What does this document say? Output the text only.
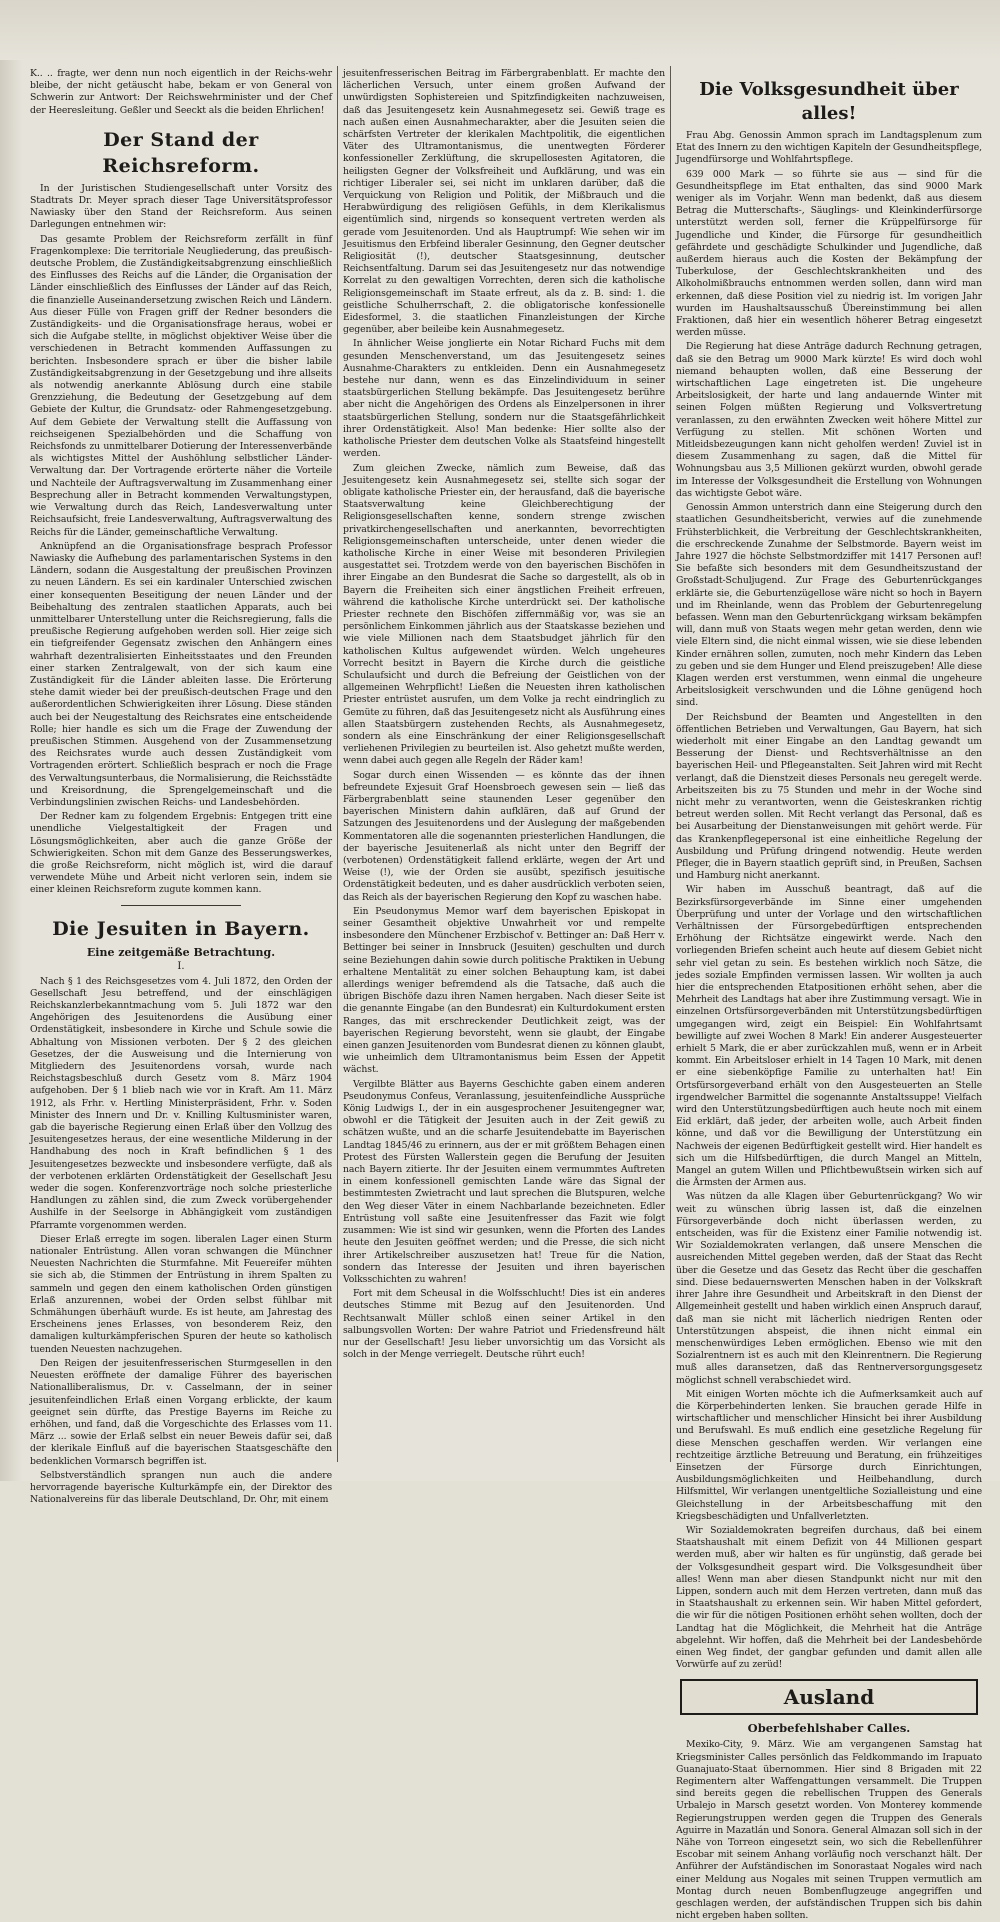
K.. .. fragte, wer denn nun noch eigentlich in der Reichs-wehr bleibe, der nicht getäuscht habe, bekam er von General von Schwerin zur Antwort: Der Reichswehrminister und der Chef der Heeresleitung. Geßler und Seeckt als die beiden Ehrlichen!

Der Stand der Reichsreform.

In der Juristischen Studiengesellschaft unter Vorsitz des Stadtrats Dr. Meyer sprach dieser Tage Universitätsprofessor Nawiasky über den Stand der Reichsreform. Aus seinen Darlegungen entnehmen wir:

Das gesamte Problem der Reichsreform zerfällt in fünf Fragenkomplexe: Die territoriale Neugliederung, das preußisch-deutsche Problem, die Zuständigkeitsabgrenzung einschließlich des Einflusses des Reichs auf die Länder, die Organisation der Länder einschließlich des Einflusses der Länder auf das Reich, die finanzielle Auseinandersetzung zwischen Reich und Ländern. Aus dieser Fülle von Fragen griff der Redner besonders die Zuständigkeits- und die Organisationsfrage heraus, wobei er sich die Aufgabe stellte, in möglichst objektiver Weise über die verschiedenen in Betracht kommenden Auffassungen zu berichten. Insbesondere sprach er über die bisher labile Zuständigkeitsabgrenzung in der Gesetzgebung und ihre allseits als notwendig anerkannte Ablösung durch eine stabile Grenzziehung, die Bedeutung der Gesetzgebung auf dem Gebiete der Kultur, die Grundsatz- oder Rahmengesetzgebung. Auf dem Gebiete der Verwaltung stellt die Auffassung von reichseigenen Spezialbehörden und die Schaffung von Reichsfonds zu unmittelbarer Dotierung der Interessenverbände als wichtigstes Mittel der Aushöhlung selbstlicher Länder-Verwaltung dar. Der Vortragende erörterte näher die Vorteile und Nachteile der Auftragsverwaltung im Zusammenhang einer Besprechung aller in Betracht kommenden Verwaltungstypen, wie Verwaltung durch das Reich, Landesverwaltung unter Reichsaufsicht, freie Landesverwaltung, Auftragsverwaltung des Reichs für die Länder, gemeinschaftliche Verwaltung.

Anknüpfend an die Organisationsfrage besprach Professor Nawiasky die Aufhebung des parlamentarischen Systems in den Ländern, sodann die Ausgestaltung der preußischen Provinzen zu neuen Ländern. Es sei ein kardinaler Unterschied zwischen einer konsequenten Beseitigung der neuen Länder und der Beibehaltung des zentralen staatlichen Apparats, auch bei unmittelbarer Unterstellung unter die Reichsregierung, falls die preußische Regierung aufgehoben werden soll. Hier zeige sich ein tiefgreifender Gegensatz zwischen den Anhängern eines wahrhaft dezentralisierten Einheitsstaates und den Freunden einer starken Zentralgewalt, von der sich kaum eine Zuständigkeit für die Länder ableiten lasse. Die Erörterung stehe damit wieder bei der preußisch-deutschen Frage und den außerordentlichen Schwierigkeiten ihrer Lösung. Diese ständen auch bei der Neugestaltung des Reichsrates eine entscheidende Rolle; hier handle es sich um die Frage der Zuwendung der preußischen Stimmen. Ausgehend von der Zusammensetzung des Reichsrates wurde auch dessen Zuständigkeit vom Vortragenden erörtert. Schließlich besprach er noch die Frage des Verwaltungsunterbaus, die Normalisierung, die Reichsstädte und Kreisordnung, die Sprengelgemeinschaft und die Verbindungslinien zwischen Reichs- und Landesbehörden.

Der Redner kam zu folgendem Ergebnis: Entgegen tritt eine unendliche Vielgestaltigkeit der Fragen und Lösungsmöglichkeiten, aber auch die ganze Größe der Schwierigkeiten. Schon mit dem Ganze des Besserungswerkes, die große Reichsreform, nicht möglich ist, wird die darauf verwendete Mühe und Arbeit nicht verloren sein, indem sie einer kleinen Reichsreform zugute kommen kann.

Die Jesuiten in Bayern.
Eine zeitgemäße Betrachtung.
I.

Nach § 1 des Reichsgesetzes vom 4. Juli 1872, den Orden der Gesellschaft Jesu betreffend, und der einschlägigen Reichskanzlerbekanntmachung vom 5. Juli 1872 war den Angehörigen des Jesuitenordens die Ausübung einer Ordenstätigkeit, insbesondere in Kirche und Schule sowie die Abhaltung von Missionen verboten. Der § 2 des gleichen Gesetzes, der die Ausweisung und die Internierung von Mitgliedern des Jesuitenordens vorsah, wurde nach Reichstagsbeschluß durch Gesetz vom 8. März 1904 aufgehoben. Der § 1 blieb nach wie vor in Kraft. Am 11. März 1912, als Frhr. v. Hertling Ministerpräsident, Frhr. v. Soden Minister des Innern und Dr. v. Knilling Kultusminister waren, gab die bayerische Regierung einen Erlaß über den Vollzug des Jesuitengesetzes heraus, der eine wesentliche Milderung in der Handhabung des noch in Kraft befindlichen § 1 des Jesuitengesetzes bezweckte und insbesondere verfügte, daß als der verbotenen erklärten Ordenstätigkeit der Gesellschaft Jesu weder die sogen. Konferenzvorträge noch solche priesterliche Handlungen zu zählen sind, die zum Zweck vorübergehender Aushilfe in der Seelsorge in Abhängigkeit vom zuständigen Pfarramte vorgenommen werden.

Dieser Erlaß erregte im sogen. liberalen Lager einen Sturm nationaler Entrüstung. Allen voran schwangen die Münchner Neuesten Nachrichten die Sturmfahne. Mit Feuereifer mühten sie sich ab, die Stimmen der Entrüstung in ihrem Spalten zu sammeln und gegen den einem katholischen Orden günstigen Erlaß anzurennen, wobei der Orden selbst fühlbar mit Schmähungen überhäuft wurde. Es ist heute, am Jahrestag des Erscheinens jenes Erlasses, von besonderem Reiz, den damaligen kulturkämpferischen Spuren der heute so katholisch tuenden Neuesten nachzugehen.

Den Reigen der jesuitenfresserischen Sturmgesellen in den Neuesten eröffnete der damalige Führer des bayerischen Nationalliberalismus, Dr. v. Casselmann, der in seiner jesuitenfeindlichen Erlaß einen Vorgang erblickte, der kaum geeignet sein dürfte, das Prestige Bayerns im Reiche zu erhöhen, und fand, daß die Vorgeschichte des Erlasses vom 11. März ... sowie der Erlaß selbst ein neuer Beweis dafür sei, daß der klerikale Einfluß auf die bayerischen Staatsgeschäfte den bedenklichen Vormarsch begriffen ist.

Selbstverständlich sprangen nun auch die andere hervorragende bayerische Kulturkämpfe ein, der Direktor des Nationalvereins für das liberale Deutschland, Dr. Ohr, mit einem

jesuitenfresserischen Beitrag im Färbergrabenblatt. Er machte den lächerlichen Versuch, unter einem großen Aufwand der unwürdigsten Sophistereien und Spitzfindigkeiten nachzuweisen, daß das Jesuitengesetz kein Ausnahmegesetz sei. Gewiß trage es nach außen einen Ausnahmecharakter, aber die Jesuiten seien die schärfsten Vertreter der klerikalen Machtpolitik, die eigentlichen Väter des Ultramontanismus, die unentwegten Förderer konfessioneller Zerklüftung, die skrupellosesten Agitatoren, die heiligsten Gegner der Volksfreiheit und Aufklärung, und was ein richtiger Liberaler sei, sei nicht im unklaren darüber, daß die Verquickung von Religion und Politik, der Mißbrauch und die Herabwürdigung des religiösen Gefühls, in dem Klerikalismus eigentümlich sind, nirgends so konsequent vertreten werden als gerade vom Jesuitenorden. Und als Hauptrumpf: Wie sehen wir im Jesuitismus den Erbfeind liberaler Gesinnung, den Gegner deutscher Religiosität (!), deutscher Staatsgesinnung, deutscher Reichsentfaltung. Darum sei das Jesuitengesetz nur das notwendige Korrelat zu den gewaltigen Vorrechten, deren sich die katholische Religionsgemeinschaft im Staate erfreut, als da z. B. sind: 1. die geistliche Schulherrschaft, 2. die obligatorische konfessionelle Eidesformel, 3. die staatlichen Finanzleistungen der Kirche gegenüber, aber beileibe kein Ausnahmegesetz.

In ähnlicher Weise jonglierte ein Notar Richard Fuchs mit dem gesunden Menschenverstand, um das Jesuitengesetz seines Ausnahme-Charakters zu entkleiden. Denn ein Ausnahmegesetz bestehe nur dann, wenn es das Einzelindividuum in seiner staatsbürgerlichen Stellung bekämpfe. Das Jesuitengesetz berühre aber nicht die Angehörigen des Ordens als Einzelpersonen in ihrer staatsbürgerlichen Stellung, sondern nur die Staatsgefährlichkeit ihrer Ordenstätigkeit. Also! Man bedenke: Hier sollte also der katholische Priester dem deutschen Volke als Staatsfeind hingestellt werden.

Zum gleichen Zwecke, nämlich zum Beweise, daß das Jesuitengesetz kein Ausnahmegesetz sei, stellte sich sogar der obligate katholische Priester ein, der herausfand, daß die bayerische Staatsverwaltung keine Gleichberechtigung der Religionsgesellschaften kenne, sondern strenge zwischen privatkirchengesellschaften und anerkannten, bevorrechtigten Religionsgemeinschaften unterscheide, unter denen wieder die katholische Kirche in einer Weise mit besonderen Privilegien ausgestattet sei. Trotzdem werde von den bayerischen Bischöfen in ihrer Eingabe an den Bundesrat die Sache so dargestellt, als ob in Bayern die Freiheiten sich einer ängstlichen Freiheit erfreuen, während die katholische Kirche unterdrückt sei. Der katholische Priester rechnete den Bischöfen ziffernmäßig vor, was sie an persönlichem Einkommen jährlich aus der Staatskasse beziehen und wie viele Millionen nach dem Staatsbudget jährlich für den katholischen Kultus aufgewendet würden. Welch ungeheures Vorrecht besitzt in Bayern die Kirche durch die geistliche Schulaufsicht und durch die Befreiung der Geistlichen von der allgemeinen Wehrpflicht! Ließen die Neuesten ihren katholischen Priester entrüstet ausrufen, um dem Volke ja recht eindringlich zu Gemüte zu führen, daß das Jesuitengesetz nicht als Ausführung eines allen Staatsbürgern zustehenden Rechts, als Ausnahmegesetz, sondern als eine Einschränkung der einer Religionsgesellschaft verliehenen Privilegien zu beurteilen ist. Also gehetzt mußte werden, wenn dabei auch gegen alle Regeln der Räder kam!

Sogar durch einen Wissenden — es könnte das der ihnen befreundete Exjesuit Graf Hoensbroech gewesen sein — ließ das Färbergrabenblatt seine staunenden Leser gegenüber den bayerischen Ministern dahin aufklären, daß auf Grund der Satzungen des Jesuitenordens und der Auslegung der maßgebenden Kommentatoren alle die sogenannten priesterlichen Handlungen, die der bayerische Jesuitenerlaß als nicht unter den Begriff der (verbotenen) Ordenstätigkeit fallend erklärte, wegen der Art und Weise (!), wie der Orden sie ausübt, spezifisch jesuitische Ordenstätigkeit bedeuten, und es daher ausdrücklich verboten seien, das Reich als der bayerischen Regierung den Kopf zu waschen habe.

Ein Pseudonymus Memor warf dem bayerischen Episkopat in seiner Gesamtheit objektive Unwahrheit vor und rempelte insbesondere den Münchener Erzbischof v. Bettinger an: Daß Herr v. Bettinger bei seiner in Innsbruck (Jesuiten) geschulten und durch seine Beziehungen dahin sowie durch politische Praktiken in Uebung erhaltene Mentalität zu einer solchen Behauptung kam, ist dabei allerdings weniger befremdend als die Tatsache, daß auch die übrigen Bischöfe dazu ihren Namen hergaben. Nach dieser Seite ist die genannte Eingabe (an den Bundesrat) ein Kulturdokument ersten Ranges, das mit erschreckender Deutlichkeit zeigt, was der bayerischen Regierung bevorsteht, wenn sie glaubt, der Eingabe einen ganzen Jesuitenorden vom Bundesrat dienen zu können glaubt, wie unheimlich dem Ultramontanismus beim Essen der Appetit wächst.

Vergilbte Blätter aus Bayerns Geschichte gaben einem anderen Pseudonymus Confeus, Veranlassung, jesuitenfeindliche Aussprüche König Ludwigs I., der in ein ausgesprochener Jesuitengegner war, obwohl er die Tätigkeit der Jesuiten auch in der Zeit gewiß zu schätzen wußte, und an die scharfe Jesuitendebatte im Bayerischen Landtag 1845/46 zu erinnern, aus der er mit größtem Behagen einen Protest des Fürsten Wallerstein gegen die Berufung der Jesuiten nach Bayern zitierte. Ihr der Jesuiten einem vermummtes Auftreten in einem konfessionell gemischten Lande wäre das Signal der bestimmtesten Zwietracht und laut sprechen die Blutspuren, welche den Weg dieser Väter in einem Nachbarlande bezeichneten. Edler Entrüstung voll saßte eine Jesuitenfresser das Fazit wie folgt zusammen: Wie ist sind wir gesunken, wenn die Pforten des Landes heute den Jesuiten geöffnet werden; und die Presse, die sich nicht ihrer Artikelschreiber auszusetzen hat! Treue für die Nation, sondern das Interesse der Jesuiten und ihren bayerischen Volksschichten zu wahren!

Fort mit dem Scheusal in die Wolfsschlucht! Dies ist ein anderes deutsches Stimme mit Bezug auf den Jesuitenorden. Und Rechtsanwalt Müller schloß einen seiner Artikel in den salbungsvollen Worten: Der wahre Patriot und Friedensfreund hält nur der Gesellschaft! Jesu lieber unvorsichtig um das Vorsicht als solch in der Menge verriegelt. Deutsche rührt euch!

Die Volksgesundheit über alles!

Frau Abg. Genossin Ammon sprach im Landtagsplenum zum Etat des Innern zu den wichtigen Kapiteln der Gesundheitspflege, Jugendfürsorge und Wohlfahrtspflege.

639 000 Mark — so führte sie aus — sind für die Gesundheitspflege im Etat enthalten, das sind 9000 Mark weniger als im Vorjahr. Wenn man bedenkt, daß aus diesem Betrag die Mutterschafts-, Säuglings- und Kleinkinderfürsorge unterstützt werden soll, ferner die Krüppelfürsorge für Jugendliche und Kinder, die Fürsorge für gesundheitlich gefährdete und geschädigte Schulkinder und Jugendliche, daß außerdem hieraus auch die Kosten der Bekämpfung der Tuberkulose, der Geschlechtskrankheiten und des Alkoholmißbrauchs entnommen werden sollen, dann wird man erkennen, daß diese Position viel zu niedrig ist. Im vorigen Jahr wurden im Haushaltsausschuß Übereinstimmung bei allen Fraktionen, daß hier ein wesentlich höherer Betrag eingesetzt werden müsse.

Die Regierung hat diese Anträge dadurch Rechnung getragen, daß sie den Betrag um 9000 Mark kürzte! Es wird doch wohl niemand behaupten wollen, daß eine Besserung der wirtschaftlichen Lage eingetreten ist. Die ungeheure Arbeitslosigkeit, der harte und lang andauernde Winter mit seinen Folgen müßten Regierung und Volksvertretung veranlassen, zu den erwähnten Zwecken weit höhere Mittel zur Verfügung zu stellen. Mit schönen Worten und Mitleidsbezeugungen kann nicht geholfen werden! Zuviel ist in diesem Zusammenhang zu sagen, daß die Mittel für Wohnungsbau aus 3,5 Millionen gekürzt wurden, obwohl gerade im Interesse der Volksgesundheit die Erstellung von Wohnungen das wichtigste Gebot wäre.

Genossin Ammon unterstrich dann eine Steigerung durch den staatlichen Gesundheitsbericht, verwies auf die zunehmende Frühsterblichkeit, die Verbreitung der Geschlechtskrankheiten, die erschreckende Zunahme der Selbstmorde. Bayern weist im Jahre 1927 die höchste Selbstmordziffer mit 1417 Personen auf! Sie befaßte sich besonders mit dem Gesundheitszustand der Großstadt-Schuljugend. Zur Frage des Geburtenrückganges erklärte sie, die Geburtenzügellose wäre nicht so hoch in Bayern und im Rheinlande, wenn das Problem der Geburtenregelung befassen. Wenn man den Geburtenrückgang wirksam bekämpfen will, dann muß von Staats wegen mehr getan werden, denn wie viele Eltern sind, die nicht einmal wissen, wie sie diese lebenden Kinder ernähren sollen, zumuten, noch mehr Kindern das Leben zu geben und sie dem Hunger und Elend preiszugeben! Alle diese Klagen werden erst verstummen, wenn einmal die ungeheure Arbeitslosigkeit verschwunden und die Löhne genügend hoch sind.

Der Reichsbund der Beamten und Angestellten in den öffentlichen Betrieben und Verwaltungen, Gau Bayern, hat sich wiederholt mit einer Eingabe an den Landtag gewandt um Besserung der Dienst- und Rechtsverhältnisse an den bayerischen Heil- und Pflegeanstalten. Seit Jahren wird mit Recht verlangt, daß die Dienstzeit dieses Personals neu geregelt werde. Arbeitszeiten bis zu 75 Stunden und mehr in der Woche sind nicht mehr zu verantworten, wenn die Geisteskranken richtig betreut werden sollen. Mit Recht verlangt das Personal, daß es bei Ausarbeitung der Dienstanweisungen mit gehört werde. Für das Krankenpflegepersonal ist eine einheitliche Regelung der Ausbildung und Prüfung dringend notwendig. Heute werden Pfleger, die in Bayern staatlich geprüft sind, in Preußen, Sachsen und Hamburg nicht anerkannt.

Wir haben im Ausschuß beantragt, daß auf die Bezirksfürsorgeverbände im Sinne einer umgehenden Überprüfung und unter der Vorlage und den wirtschaftlichen Verhältnissen der Fürsorgebedürftigen entsprechenden Erhöhung der Richtsätze eingewirkt werde. Nach den vorliegenden Briefen scheint auch heute auf diesem Gebiet nicht sehr viel getan zu sein. Es bestehen wirklich noch Sätze, die jedes soziale Empfinden vermissen lassen. Wir wollten ja auch hier die entsprechenden Etatpositionen erhöht sehen, aber die Mehrheit des Landtags hat aber ihre Zustimmung versagt. Wie in einzelnen Ortsfürsorgeverbänden mit Unterstützungsbedürftigen umgegangen wird, zeigt ein Beispiel: Ein Wohlfahrtsamt bewilligte auf zwei Wochen 8 Mark! Ein anderer Ausgesteuerter erhielt 5 Mark, die er aber zurückzahlen muß, wenn er in Arbeit kommt. Ein Arbeitsloser erhielt in 14 Tagen 10 Mark, mit denen er eine siebenköpfige Familie zu unterhalten hat! Ein Ortsfürsorgeverband erhält von den Ausgesteuerten an Stelle irgendwelcher Barmittel die sogenannte Anstaltssuppe! Vielfach wird den Unterstützungsbedürftigen auch heute noch mit einem Eid erklärt, daß jeder, der arbeiten wolle, auch Arbeit finden könne, und daß vor die Bewilligung der Unterstützung ein Nachweis der eigenen Bedürftigkeit gestellt wird. Hier handelt es sich um die Hilfsbedürftigen, die durch Mangel an Mitteln, Mangel an gutem Willen und Pflichtbewußtsein wirken sich auf die Ärmsten der Armen aus.

Was nützen da alle Klagen über Geburtenrückgang? Wo wir weit zu wünschen übrig lassen ist, daß die einzelnen Fürsorgeverbände doch nicht überlassen werden, zu entscheiden, was für die Existenz einer Familie notwendig ist. Wir Sozialdemokraten verlangen, daß unsere Menschen die ausreichenden Mittel gegeben werden, daß der Staat das Recht über die Gesetze und das Gesetz das Recht über die geschaffen sind. Diese bedauernswerten Menschen haben in der Volkskraft ihrer Jahre ihre Gesundheit und Arbeitskraft in den Dienst der Allgemeinheit gestellt und haben wirklich einen Anspruch darauf, daß man sie nicht mit lächerlich niedrigen Renten oder Unterstützungen abspeist, die ihnen nicht einmal ein menschenwürdiges Leben ermöglichen. Ebenso wie mit den Sozialrentnern ist es auch mit den Kleinrentnern. Die Regierung muß alles daransetzen, daß das Rentnerversorgungsgesetz möglichst schnell verabschiedet wird.

Mit einigen Worten möchte ich die Aufmerksamkeit auch auf die Körperbehinderten lenken. Sie brauchen gerade Hilfe in wirtschaftlicher und menschlicher Hinsicht bei ihrer Ausbildung und Berufswahl. Es muß endlich eine gesetzliche Regelung für diese Menschen geschaffen werden. Wir verlangen eine rechtzeitige ärztliche Betreuung und Beratung, ein frühzeitiges Einsetzen der Fürsorge durch Einrichtungen, Ausbildungsmöglichkeiten und Heilbehandlung, durch Hilfsmittel, Wir verlangen unentgeltliche Sozialleistung und eine Gleichstellung in der Arbeitsbeschaffung mit den Kriegsbeschädigten und Unfallverletzten.

Wir Sozialdemokraten begreifen durchaus, daß bei einem Staatshaushalt mit einem Defizit von 44 Millionen gespart werden muß, aber wir halten es für ungünstig, daß gerade bei der Volksgesundheit gespart wird. Die Volksgesundheit über alles! Wenn man aber diesen Standpunkt nicht nur mit den Lippen, sondern auch mit dem Herzen vertreten, dann muß das in Staatshaushalt zu erkennen sein. Wir haben Mittel gefordert, die wir für die nötigen Positionen erhöht sehen wollten, doch der Landtag hat die Möglichkeit, die Mehrheit hat die Anträge abgelehnt. Wir hoffen, daß die Mehrheit bei der Landesbehörde einen Weg findet, der gangbar gefunden und damit allen alle Vorwürfe auf zu zerüd!

Ausland
Oberbefehlshaber Calles.

Mexiko-City, 9. März. Wie am vergangenen Samstag hat Kriegsminister Calles persönlich das Feldkommando im Irapuato Guanajuato-Staat übernommen. Hier sind 8 Brigaden mit 22 Regimentern alter Waffengattungen versammelt. Die Truppen sind bereits gegen die rebellischen Truppen des Generals Urbalejo in Marsch gesetzt worden. Von Monterey kommende Regierungstruppen werden gegen die Truppen des Generals Aguirre in Mazatlán und Sonora. General Almazan soll sich in der Nähe von Torreon eingesetzt sein, wo sich die Rebellenführer Escobar mit seinem Anhang vorläufig noch verschanzt hält. Der Anführer der Aufständischen im Sonorastaat Nogales wird nach einer Meldung aus Nogales mit seinen Truppen vermutlich am Montag durch neuen Bombenflugzeuge angegriffen und geschlagen werden, der aufständischen Truppen sich bis dahin nicht ergeben haben sollten.
